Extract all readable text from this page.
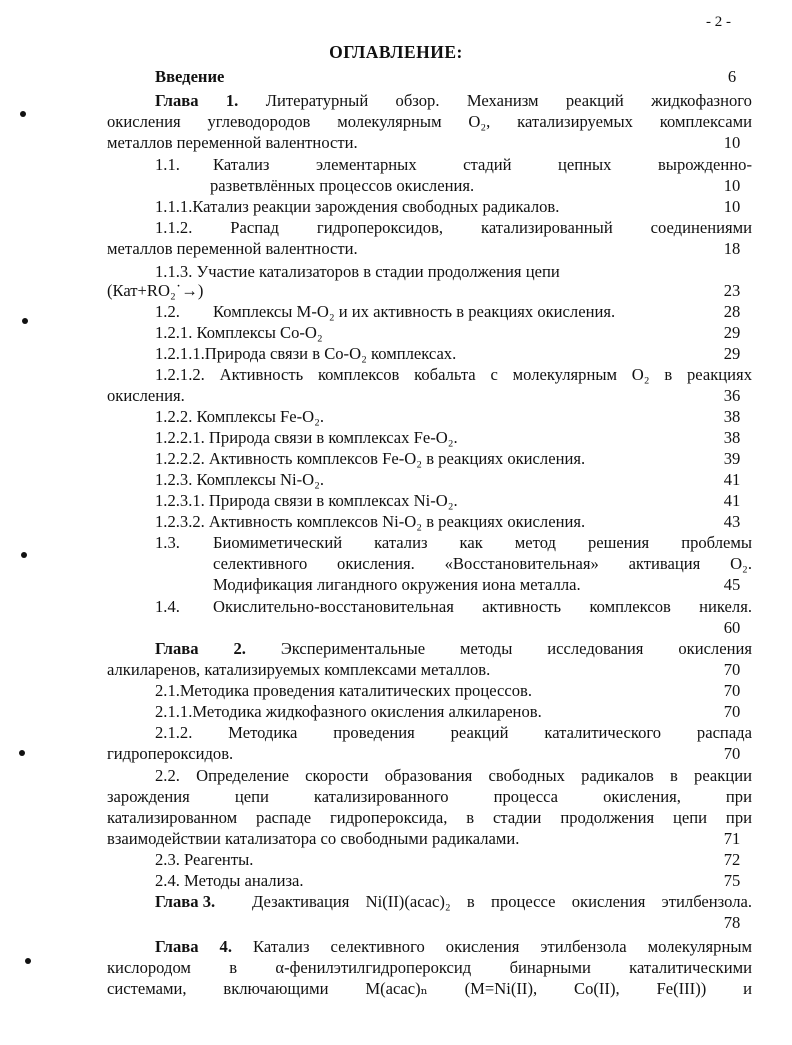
- 2 -
ОГЛАВЛЕНИЕ:
Введение	6
Глава 1. Литературный обзор. Механизм реакций жидкофазного
окисления углеводородов молекулярным O₂, катализируемых комплексами
металлов переменной валентности.	10
1.1. Катализ элементарных стадий цепных вырожденно-
разветвлённых процессов окисления.	10
1.1.1.Катализ реакции зарождения свободных радикалов.	10
1.1.2. Распад гидропероксидов, катализированный соединениями
металлов переменной валентности.	18
1.1.3. Участие катализаторов в стадии продолжения цепи
(Кат+RO₂˙→)	23
1.2. Комплексы M-O₂ и их активность в реакциях окисления.	28
1.2.1. Комплексы Co-O₂	29
1.2.1.1.Природа связи в Co-O₂ комплексах.	29
1.2.1.2. Активность комплексов кобальта с молекулярным O₂ в реакциях
окисления.	36
1.2.2. Комплексы Fe-O₂.	38
1.2.2.1. Природа связи в комплексах Fe-O₂.	38
1.2.2.2. Активность комплексов Fe-O₂ в реакциях окисления.	39
1.2.3. Комплексы Ni-O₂.	41
1.2.3.1. Природа связи в комплексах Ni-O₂.	41
1.2.3.2. Активность комплексов Ni-O₂ в реакциях окисления.	43
1.3. Биомиметический катализ как метод решения проблемы
селективного окисления. «Восстановительная» активация O₂.
Модификация лигандного окружения иона металла.	45
1.4. Окислительно-восстановительная активность комплексов никеля.
60
Глава 2. Экспериментальные методы исследования окисления
алкиларенов, катализируемых комплексами металлов.	70
2.1.Методика проведения каталитических процессов.	70
2.1.1.Методика жидкофазного окисления алкиларенов.	70
2.1.2. Методика проведения реакций каталитического распада
гидропероксидов.	70
2.2. Определение скорости образования свободных радикалов в реакции
зарождения цепи катализированного процесса окисления, при
катализированном распаде гидропероксида, в стадии продолжения цепи при
взаимодействии катализатора со свободными радикалами.	71
2.3. Реагенты.	72
2.4. Методы анализа.	75
Глава 3. Дезактивация Ni(II)(acac)₂ в процессе окисления этилбензола.
78
Глава 4. Катализ селективного окисления этилбензола молекулярным
кислородом в α-фенилэтилгидропероксид бинарными каталитическими
системами, включающими M(acac)ₙ (M=Ni(II), Co(II), Fe(III)) и
